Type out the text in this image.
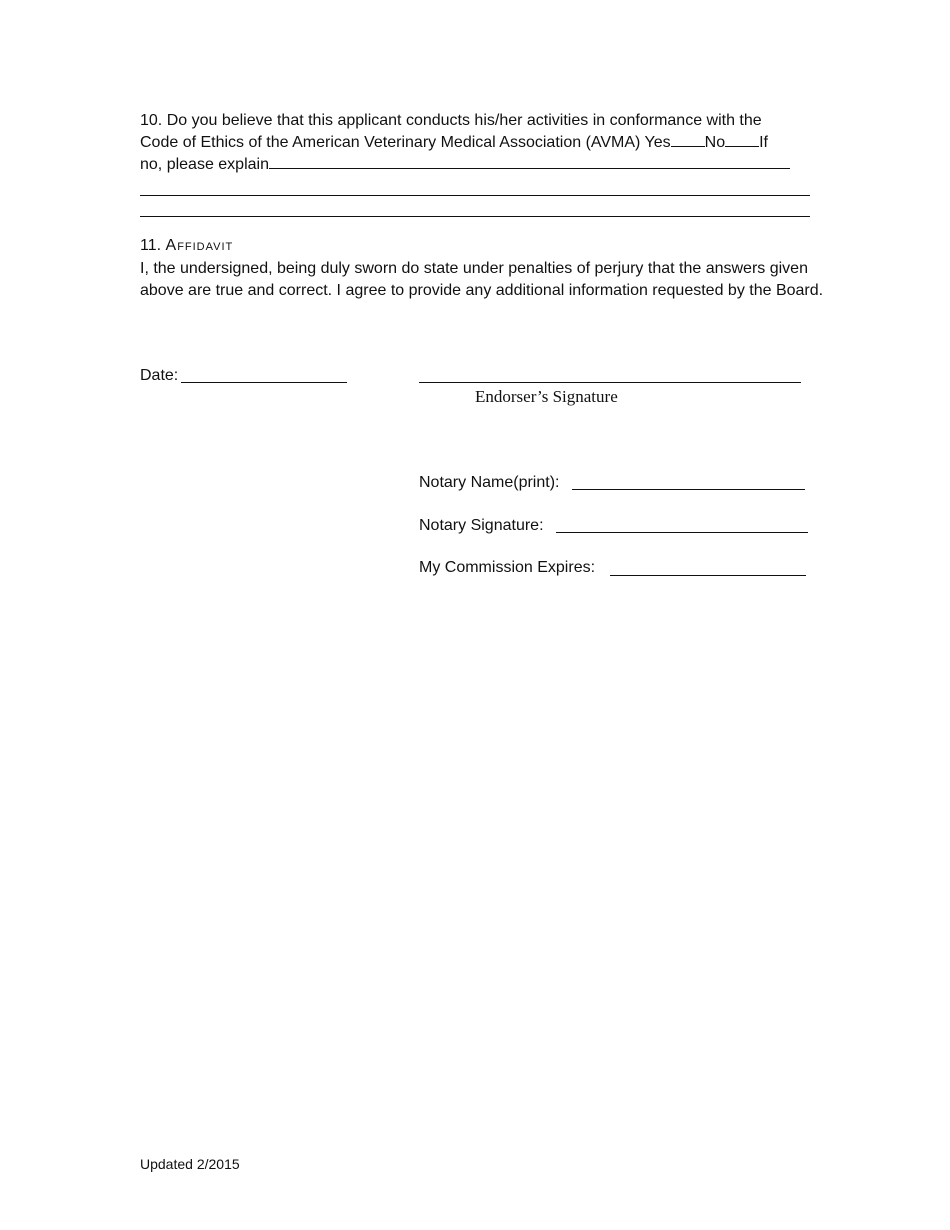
10. Do you believe that this applicant conducts his/her activities in conformance with the
Code of Ethics of the American Veterinary Medical Association (AVMA) Yes No If
no, please explain
11. Affidavit
I, the undersigned, being duly sworn do state under penalties of perjury that the answers given above are true and correct. I agree to provide any additional information requested by the Board.
Date:
Endorser’s Signature
Notary Name(print):
Notary Signature:
My Commission Expires:
Updated 2/2015
